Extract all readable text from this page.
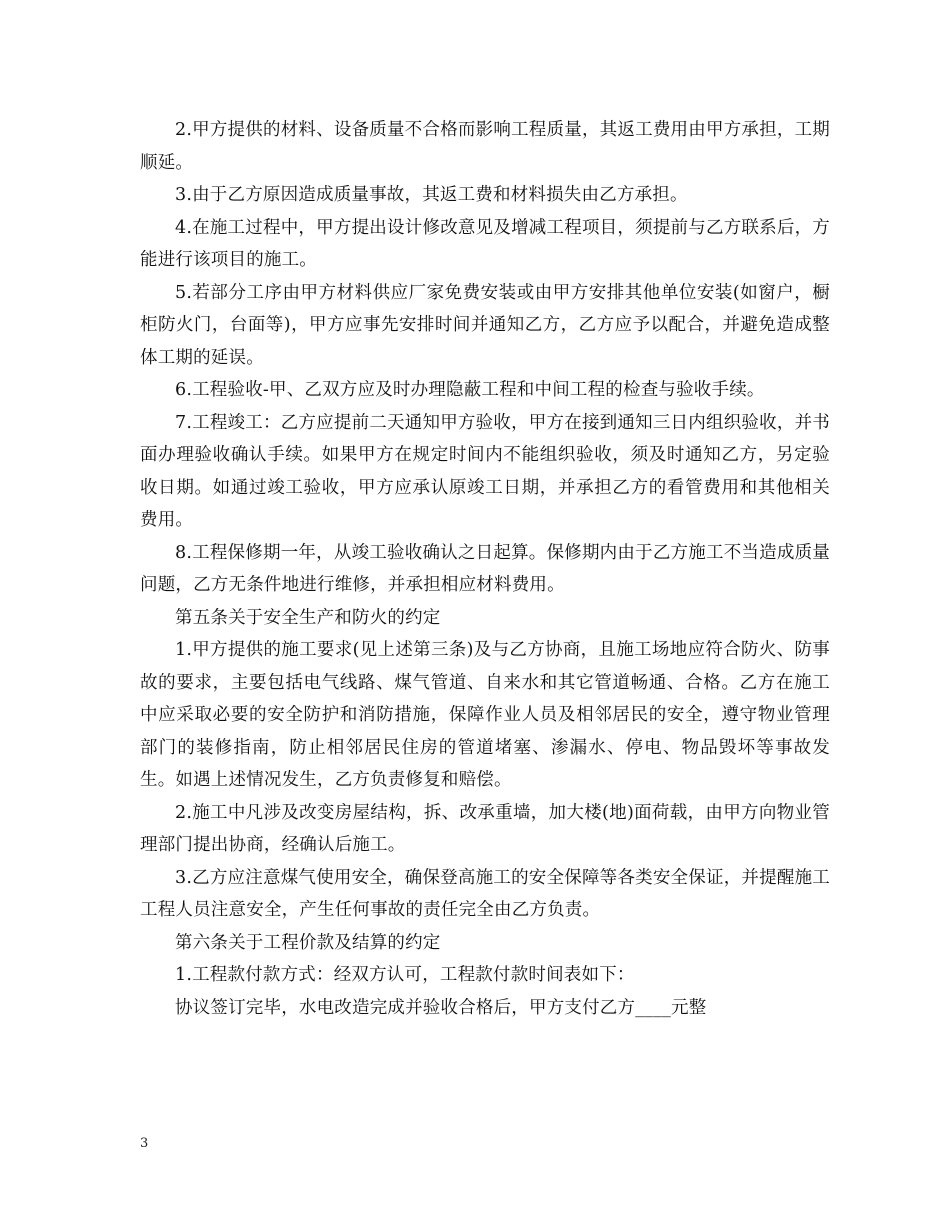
2.甲方提供的材料、设备质量不合格而影响工程质量，其返工费用由甲方承担，工期顺延。

3.由于乙方原因造成质量事故，其返工费和材料损失由乙方承担。

4.在施工过程中，甲方提出设计修改意见及增减工程项目，须提前与乙方联系后，方能进行该项目的施工。

5.若部分工序由甲方材料供应厂家免费安装或由甲方安排其他单位安装(如窗户，橱柜防火门，台面等)，甲方应事先安排时间并通知乙方，乙方应予以配合，并避免造成整体工期的延误。

6.工程验收-甲、乙双方应及时办理隐蔽工程和中间工程的检查与验收手续。

7.工程竣工：乙方应提前二天通知甲方验收，甲方在接到通知三日内组织验收，并书面办理验收确认手续。如果甲方在规定时间内不能组织验收，须及时通知乙方，另定验收日期。如通过竣工验收，甲方应承认原竣工日期，并承担乙方的看管费用和其他相关费用。

8.工程保修期一年，从竣工验收确认之日起算。保修期内由于乙方施工不当造成质量问题，乙方无条件地进行维修，并承担相应材料费用。

第五条关于安全生产和防火的约定

1.甲方提供的施工要求(见上述第三条)及与乙方协商，且施工场地应符合防火、防事故的要求，主要包括电气线路、煤气管道、自来水和其它管道畅通、合格。乙方在施工中应采取必要的安全防护和消防措施，保障作业人员及相邻居民的安全，遵守物业管理部门的装修指南，防止相邻居民住房的管道堵塞、渗漏水、停电、物品毁坏等事故发生。如遇上述情况发生，乙方负责修复和赔偿。

2.施工中凡涉及改变房屋结构，拆、改承重墙，加大楼(地)面荷载，由甲方向物业管理部门提出协商，经确认后施工。

3.乙方应注意煤气使用安全，确保登高施工的安全保障等各类安全保证，并提醒施工工程人员注意安全，产生任何事故的责任完全由乙方负责。

第六条关于工程价款及结算的约定

1.工程款付款方式：经双方认可，工程款付款时间表如下：

协议签订完毕，水电改造完成并验收合格后，甲方支付乙方____元整

3
